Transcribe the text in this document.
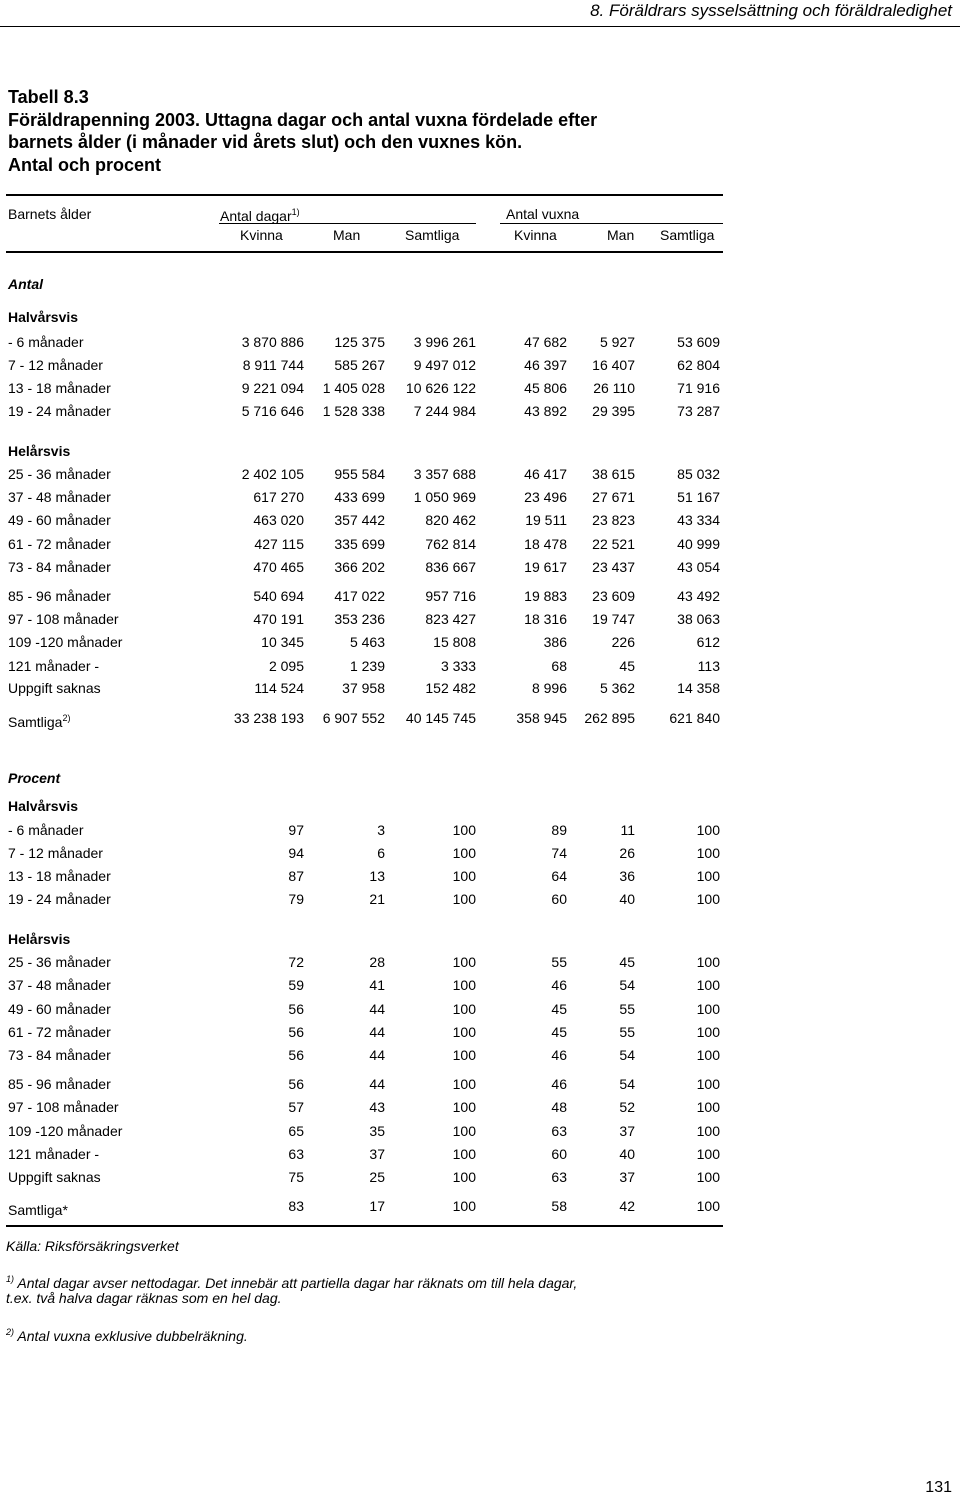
8. Föräldrars sysselsättning och föräldraledighet
Tabell 8.3
Föräldrapenning 2003. Uttagna dagar och antal vuxna fördelade efter
barnets ålder (i månader vid årets slut) och den vuxnes kön.
Antal och procent
Barnets ålder	Antal dagar$^{1)}$	Antal vuxna
Kvinna	Man	Samtliga	Kvinna	Man Samtliga
Antal
Halvårsvis
- 6 månader	3 870 886	125 375	3 996 261	47 682	5 927	53 609
7 - 12 månader	8 911 744	585 267	9 497 012	46 397	16 407	62 804
13 - 18 månader	9 221 094	1 405 028	10 626 122	45 806	26 110	71 916
19 - 24 månader	5 716 646	1 528 338	7 244 984	43 892	29 395	73 287
Helårsvis
25 - 36 månader	2 402 105	955 584	3 357 688	46 417	38 615	85 032
37 - 48 månader	617 270	433 699	1 050 969	23 496	27 671	51 167
49 - 60 månader	463 020	357 442	820 462	19 511	23 823	43 334
61 - 72 månader	427 115	335 699	762 814	18 478	22 521	40 999
73 - 84 månader	470 465	366 202	836 667	19 617	23 437	43 054
85 - 96 månader	540 694	417 022	957 716	19 883	23 609	43 492
97 - 108 månader	470 191	353 236	823 427	18 316	19 747	38 063
109 -120 månader	10 345	5 463	15 808	386	226	612
121 månader -	2 095	1 239	3 333	68	45	113
Uppgift saknas	114 524	37 958	152 482	8 996	5 362	14 358
Samtliga$^{2)}$	33 238 193	6 907 552	40 145 745	358 945	262 895	621 840
Procent
Halvårsvis
- 6 månader	97	3	100	89	11	100
7 - 12 månader	94	6	100	74	26	100
13 - 18 månader	87	13	100	64	36	100
19 - 24 månader	79	21	100	60	40	100
Helårsvis
25 - 36 månader	72	28	100	55	45	100
37 - 48 månader	59	41	100	46	54	100
49 - 60 månader	56	44	100	45	55	100
61 - 72 månader	56	44	100	45	55	100
73 - 84 månader	56	44	100	46	54	100
85 - 96 månader	56	44	100	46	54	100
97 - 108 månader	57	43	100	48	52	100
109 -120 månader	65	35	100	63	37	100
121 månader -	63	37	100	60	40	100
Uppgift saknas	75	25	100	63	37	100
Samtliga*	83	17	100	58	42	100
Källa: Riksförsäkringsverket
$^{1)}$ Antal dagar avser nettodagar. Det innebär att partiella dagar har räknats om till hela dagar,
t.ex. två halva dagar räknas som en hel dag.
$^{2)}$ Antal vuxna exklusive dubbelräkning.
131
